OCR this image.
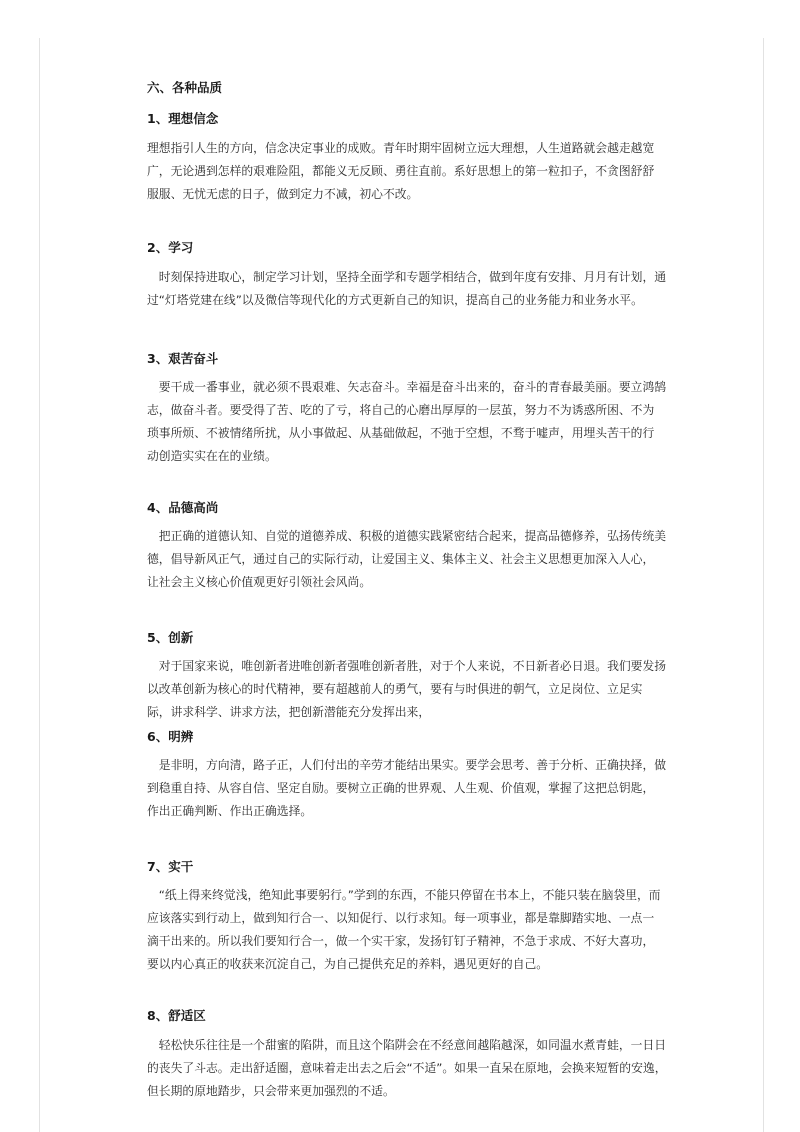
六、各种品质
1、理想信念
理想指引人生的方向，信念决定事业的成败。青年时期牢固树立远大理想，人生道路就会越走越宽
广，无论遇到怎样的艰难险阻，都能义无反顾、勇往直前。系好思想上的第一粒扣子，不贪图舒舒
服服、无忧无虑的日子，做到定力不减，初心不改。
2、学习
　时刻保持进取心，制定学习计划，坚持全面学和专题学相结合，做到年度有安排、月月有计划，通
过“灯塔党建在线”以及微信等现代化的方式更新自己的知识，提高自己的业务能力和业务水平。
3、艰苦奋斗
　要干成一番事业，就必须不畏艰难、矢志奋斗。幸福是奋斗出来的，奋斗的青春最美丽。要立鸿鹄
志，做奋斗者。要受得了苦、吃的了亏，将自己的心磨出厚厚的一层茧，努力不为诱惑所困、不为
琐事所烦、不被情绪所扰，从小事做起、从基础做起，不弛于空想，不骛于嘘声，用埋头苦干的行
动创造实实在在的业绩。
4、品德高尚
　把正确的道德认知、自觉的道德养成、积极的道德实践紧密结合起来，提高品德修养，弘扬传统美
德，倡导新风正气，通过自己的实际行动，让爱国主义、集体主义、社会主义思想更加深入人心，
让社会主义核心价值观更好引领社会风尚。
5、创新
　对于国家来说，唯创新者进唯创新者强唯创新者胜，对于个人来说，不日新者必日退。我们要发扬
以改革创新为核心的时代精神，要有超越前人的勇气，要有与时俱进的朝气，立足岗位、立足实
际，讲求科学、讲求方法，把创新潜能充分发挥出来，
6、明辨
　是非明，方向清，路子正，人们付出的辛劳才能结出果实。要学会思考、善于分析、正确抉择，做
到稳重自持、从容自信、坚定自励。要树立正确的世界观、人生观、价值观，掌握了这把总钥匙，
作出正确判断、作出正确选择。
7、实干
　“纸上得来终觉浅，绝知此事要躬行。”学到的东西，不能只停留在书本上，不能只装在脑袋里，而
应该落实到行动上，做到知行合一、以知促行、以行求知。每一项事业，都是靠脚踏实地、一点一
滴干出来的。所以我们要知行合一，做一个实干家，发扬钉钉子精神，不急于求成、不好大喜功，
要以内心真正的收获来沉淀自己，为自己提供充足的养料，遇见更好的自己。
8、舒适区
　轻松快乐往往是一个甜蜜的陷阱，而且这个陷阱会在不经意间越陷越深，如同温水煮青蛙，一日日
的丧失了斗志。走出舒适圈，意味着走出去之后会“不适”。如果一直呆在原地，会换来短暂的安逸，
但长期的原地踏步，只会带来更加强烈的不适。
